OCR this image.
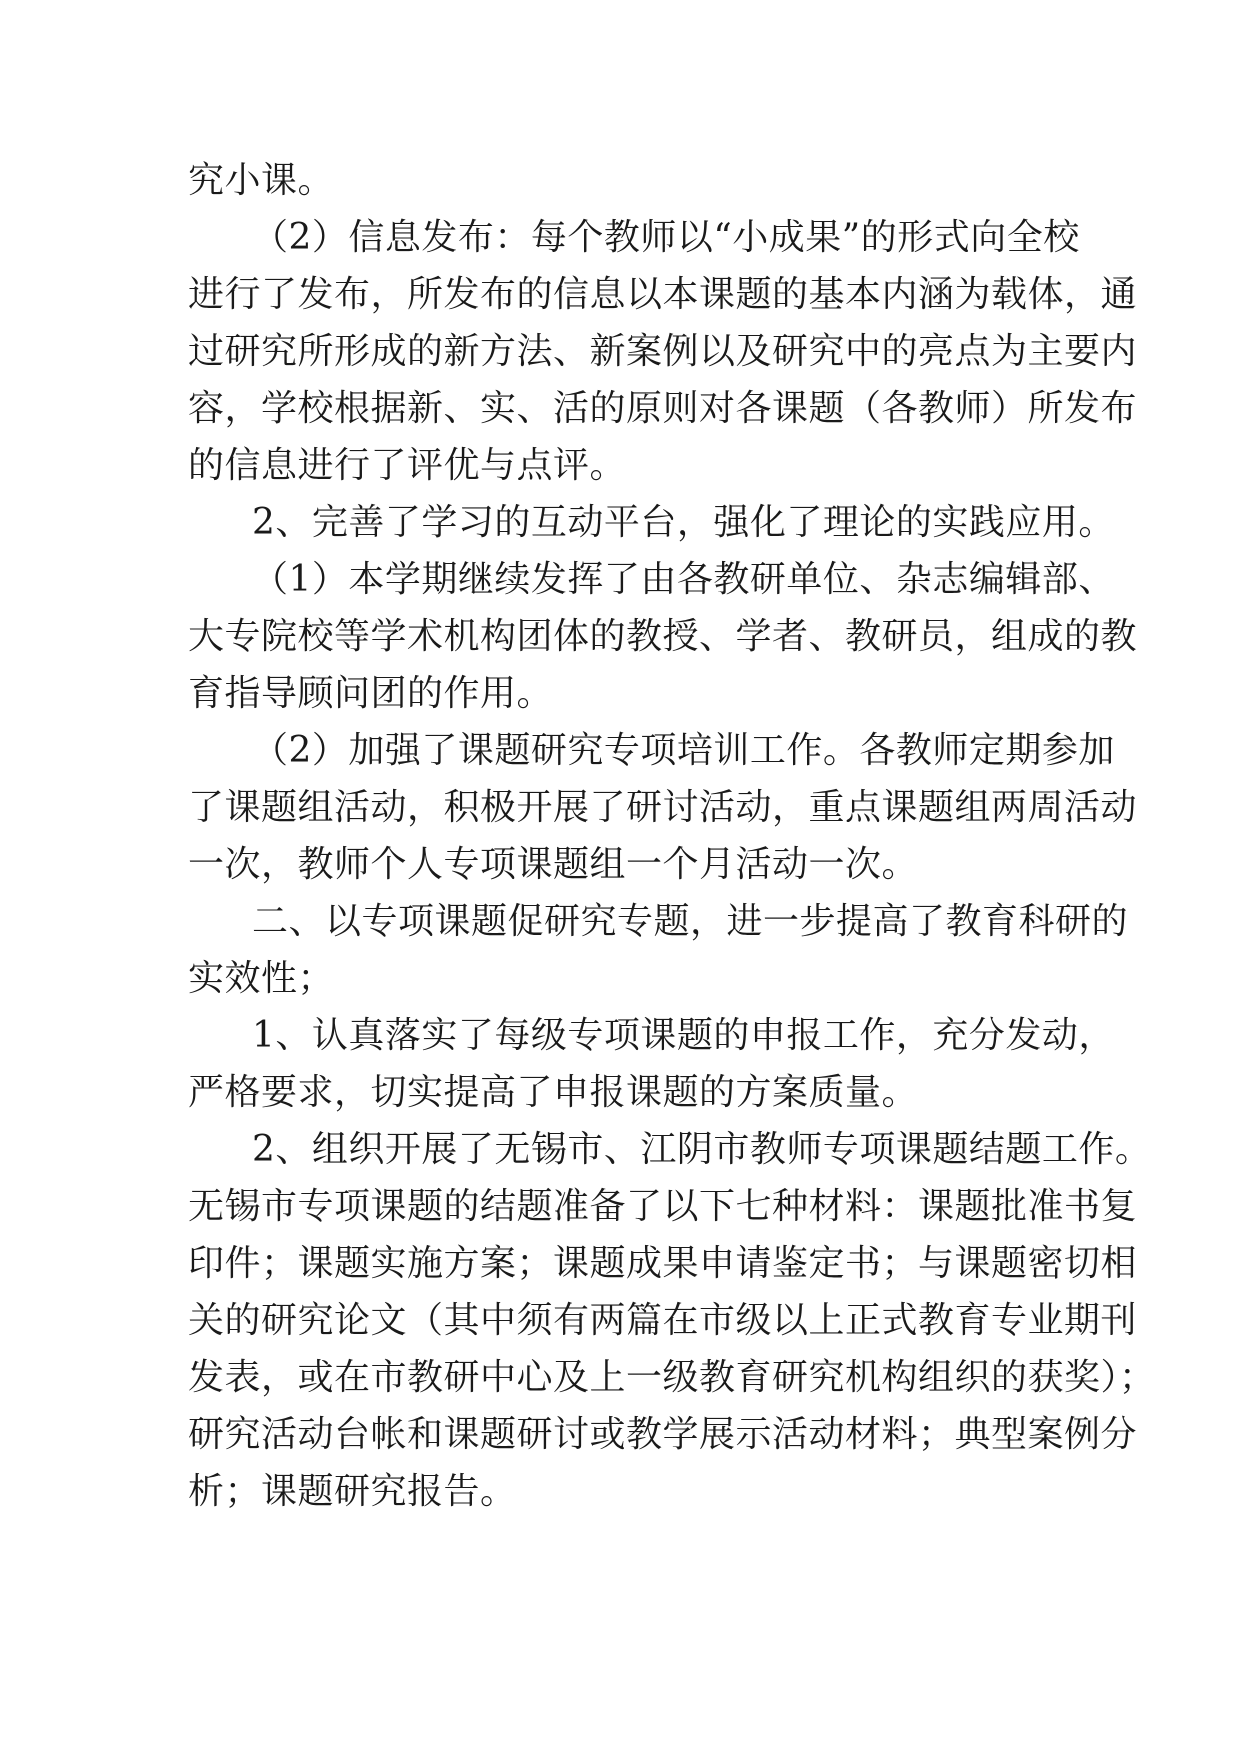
究小课。
（2）信息发布：每个教师以“小成果”的形式向全校
进行了发布，所发布的信息以本课题的基本内涵为载体，通
过研究所形成的新方法、新案例以及研究中的亮点为主要内
容，学校根据新、实、活的原则对各课题（各教师）所发布
的信息进行了评优与点评。
2、完善了学习的互动平台，强化了理论的实践应用。
（1）本学期继续发挥了由各教研单位、杂志编辑部、
大专院校等学术机构团体的教授、学者、教研员，组成的教
育指导顾问团的作用。
（2）加强了课题研究专项培训工作。各教师定期参加
了课题组活动，积极开展了研讨活动，重点课题组两周活动
一次，教师个人专项课题组一个月活动一次。
二、以专项课题促研究专题，进一步提高了教育科研的
实效性；
1、认真落实了每级专项课题的申报工作，充分发动，
严格要求，切实提高了申报课题的方案质量。
2、组织开展了无锡市、江阴市教师专项课题结题工作。
无锡市专项课题的结题准备了以下七种材料：课题批准书复
印件；课题实施方案；课题成果申请鉴定书；与课题密切相
关的研究论文（其中须有两篇在市级以上正式教育专业期刊
发表，或在市教研中心及上一级教育研究机构组织的获奖）；
研究活动台帐和课题研讨或教学展示活动材料；典型案例分
析；课题研究报告。
